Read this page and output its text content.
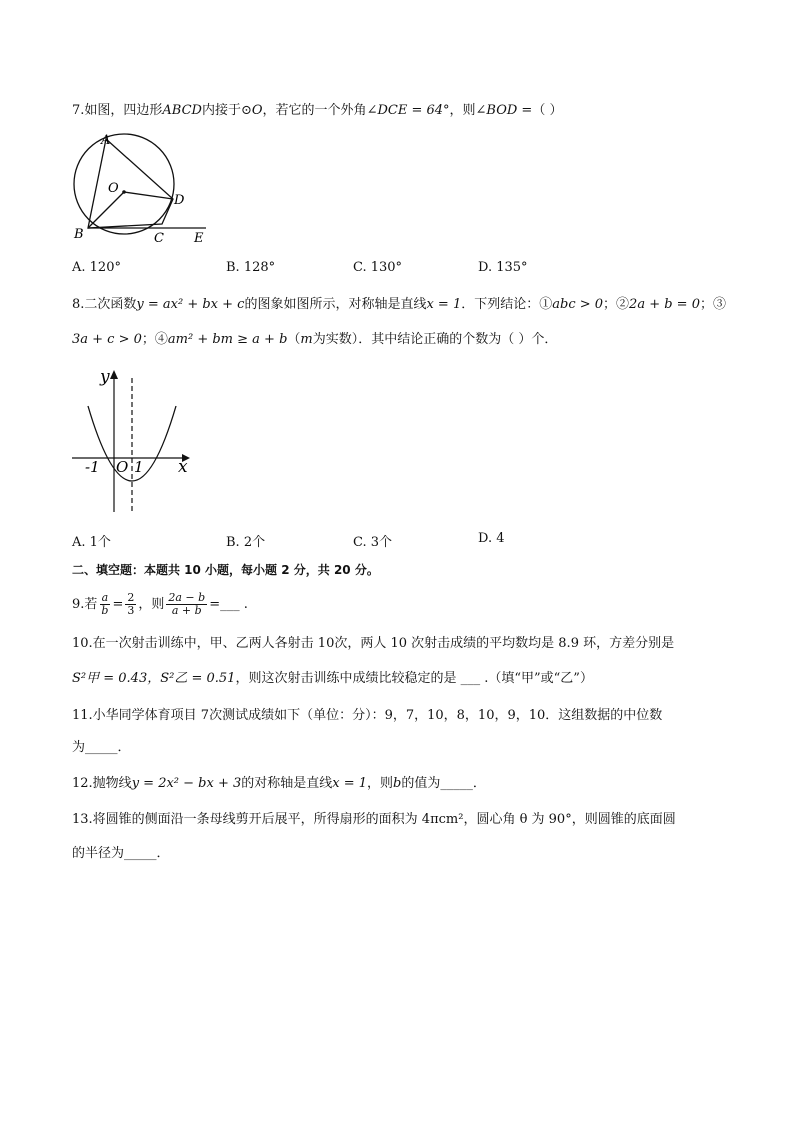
7.如图，四边形ABCD内接于⊙O，若它的一个外角∠DCE = 64°，则∠BOD =（ ）
A
O
D
B	C E
A. 120°	B. 128°	C. 130°	D. 135°
8.二次函数y = ax² + bx + c的图象如图所示，对称轴是直线x = 1．下列结论：①abc > 0；②2a + b = 0；③
3a + c > 0；④am² + bm ≥ a + b（m为实数）．其中结论正确的个数为（ ）个．
y
x
O
-1 1
A. 1个	B. 2个	C. 3个	D. 4
二、填空题：本题共 10 小题，每小题 2 分，共 20 分。
9.若 $\frac{a}{b} = \frac{2}{3}$ ，则 $\frac{2a - b}{a + b}$ =___ .
10.在一次射击训练中，甲、乙两人各射击 10次，两人 10 次射击成绩的平均数均是 8.9 环，方差分别是
S²甲 = 0.43，S²乙 = 0.51，则这次射击训练中成绩比较稳定的是 ___ .（填“甲”或“乙”）
11.小华同学体育项目 7次测试成绩如下（单位：分）：9，7，10，8，10，9，10．这组数据的中位数
为_____．
12.抛物线y = 2x² − bx + 3的对称轴是直线x = 1，则b的值为_____．
13.将圆锥的侧面沿一条母线剪开后展平，所得扇形的面积为 4πcm²，圆心角 θ 为 90°，则圆锥的底面圆
的半径为_____．
